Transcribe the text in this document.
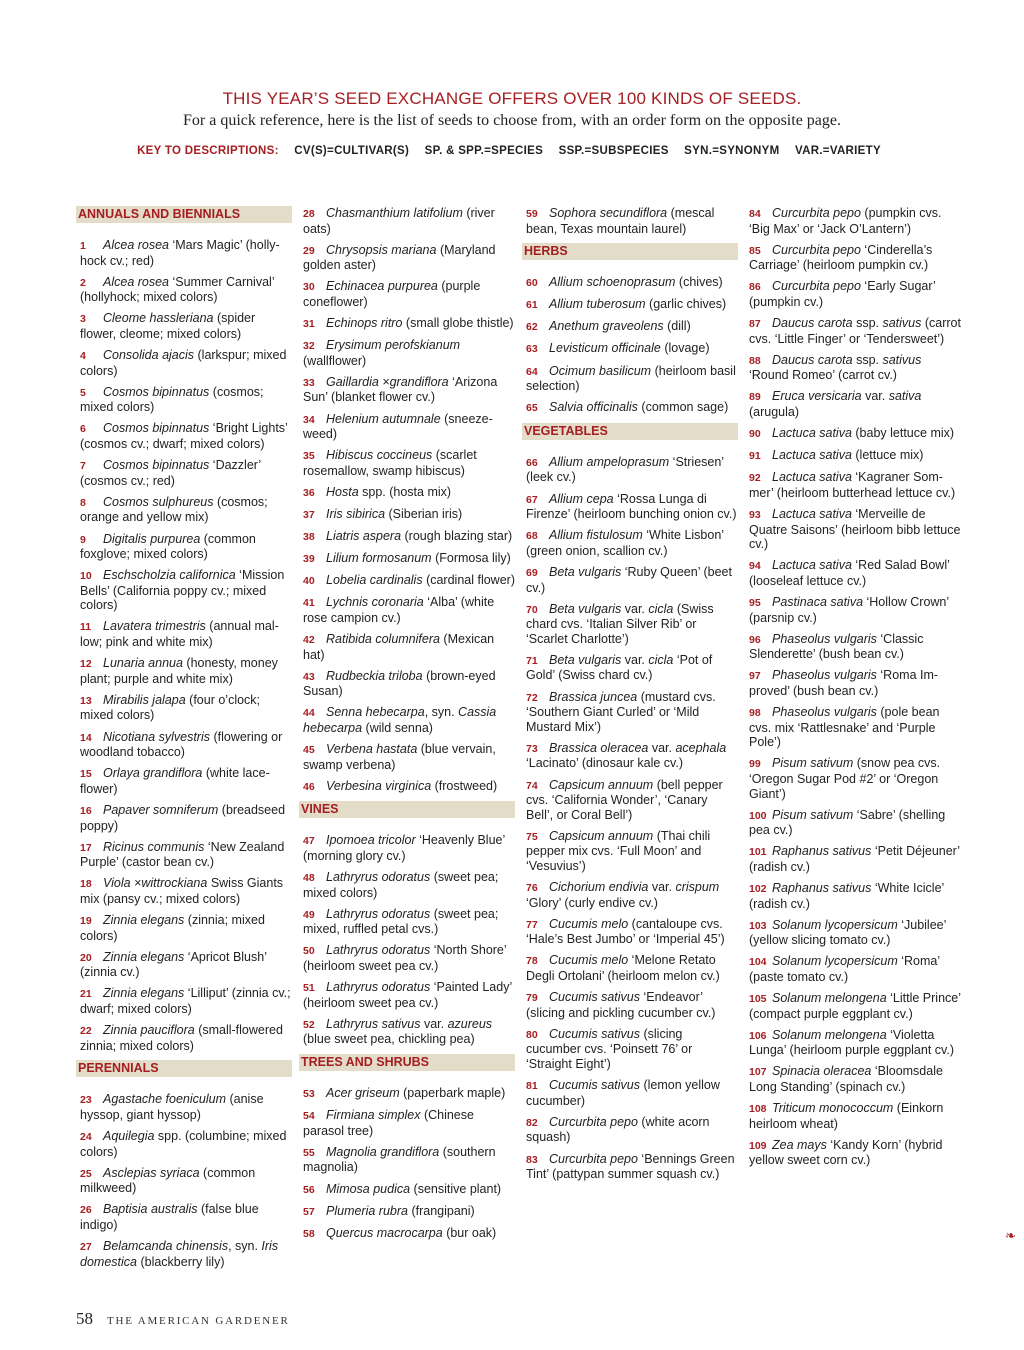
THIS YEAR’S SEED EXCHANGE OFFERS OVER 100 KINDS OF SEEDS.
For a quick reference, here is the list of seeds to choose from, with an order form on the opposite page.
KEY TO DESCRIPTIONS: CV(S)=CULTIVAR(S) SP. & SPP.=SPECIES SSP.=SUBSPECIES SYN.=SYNONYM VAR.=VARIETY
ANNUALS AND BIENNIALS
1 Alcea rosea ‘Mars Magic’ (hollyhock cv.; red)
2 Alcea rosea ‘Summer Carnival’ (hollyhock; mixed colors)
3 Cleome hassleriana (spider flower, cleome; mixed colors)
4 Consolida ajacis (larkspur; mixed colors)
5 Cosmos bipinnatus (cosmos; mixed colors)
6 Cosmos bipinnatus ‘Bright Lights’ (cosmos cv.; dwarf; mixed colors)
7 Cosmos bipinnatus ‘Dazzler’ (cosmos cv.; red)
8 Cosmos sulphureus (cosmos; orange and yellow mix)
9 Digitalis purpurea (common foxglove; mixed colors)
10 Eschscholzia californica ‘Mission Bells’ (California poppy cv.; mixed colors)
11 Lavatera trimestris (annual mallow; pink and white mix)
12 Lunaria annua (honesty, money plant; purple and white mix)
13 Mirabilis jalapa (four o’clock; mixed colors)
14 Nicotiana sylvestris (flowering or woodland tobacco)
15 Orlaya grandiflora (white laceflower)
16 Papaver somniferum (breadseed poppy)
17 Ricinus communis ‘New Zealand Purple’ (castor bean cv.)
18 Viola ×wittrockiana Swiss Giants mix (pansy cv.; mixed colors)
19 Zinnia elegans (zinnia; mixed colors)
20 Zinnia elegans ‘Apricot Blush’ (zinnia cv.)
21 Zinnia elegans ‘Lilliput’ (zinnia cv.; dwarf; mixed colors)
22 Zinnia pauciflora (small-flowered zinnia; mixed colors)
PERENNIALS
23 Agastache foeniculum (anise hyssop, giant hyssop)
24 Aquilegia spp. (columbine; mixed colors)
25 Asclepias syriaca (common milkweed)
26 Baptisia australis (false blue indigo)
27 Belamcanda chinensis, syn. Iris domestica (blackberry lily)
28 Chasmanthium latifolium (river oats)
29 Chrysopsis mariana (Maryland golden aster)
30 Echinacea purpurea (purple coneflower)
31 Echinops ritro (small globe thistle)
32 Erysimum perofskianum (wallflower)
33 Gaillardia ×grandiflora ‘Arizona Sun’ (blanket flower cv.)
34 Helenium autumnale (sneezeweed)
35 Hibiscus coccineus (scarlet rosemallow, swamp hibiscus)
36 Hosta spp. (hosta mix)
37 Iris sibirica (Siberian iris)
38 Liatris aspera (rough blazing star)
39 Lilium formosanum (Formosa lily)
40 Lobelia cardinalis (cardinal flower)
41 Lychnis coronaria ‘Alba’ (white rose campion cv.)
42 Ratibida columnifera (Mexican hat)
43 Rudbeckia triloba (brown-eyed Susan)
44 Senna hebecarpa, syn. Cassia hebecarpa (wild senna)
45 Verbena hastata (blue vervain, swamp verbena)
46 Verbesina virginica (frostweed)
VINES
47 Ipomoea tricolor ‘Heavenly Blue’ (morning glory cv.)
48 Lathryrus odoratus (sweet pea; mixed colors)
49 Lathryrus odoratus (sweet pea; mixed, ruffled petal cvs.)
50 Lathryrus odoratus ‘North Shore’ (heirloom sweet pea cv.)
51 Lathryrus odoratus ‘Painted Lady’ (heirloom sweet pea cv.)
52 Lathryrus sativus var. azureus (blue sweet pea, chickling pea)
TREES AND SHRUBS
53 Acer griseum (paperbark maple)
54 Firmiana simplex (Chinese parasol tree)
55 Magnolia grandiflora (southern magnolia)
56 Mimosa pudica (sensitive plant)
57 Plumeria rubra (frangipani)
58 Quercus macrocarpa (bur oak)
59 Sophora secundiflora (mescal bean, Texas mountain laurel)
HERBS
60 Allium schoenoprasum (chives)
61 Allium tuberosum (garlic chives)
62 Anethum graveolens (dill)
63 Levisticum officinale (lovage)
64 Ocimum basilicum (heirloom basil selection)
65 Salvia officinalis (common sage)
VEGETABLES
66 Allium ampeloprasum ‘Striesen’ (leek cv.)
67 Allium cepa ‘Rossa Lunga di Firenze’ (heirloom bunching onion cv.)
68 Allium fistulosum ‘White Lisbon’ (green onion, scallion cv.)
69 Beta vulgaris ‘Ruby Queen’ (beet cv.)
70 Beta vulgaris var. cicla (Swiss chard cvs. ‘Italian Silver Rib’ or ‘Scarlet Charlotte’)
71 Beta vulgaris var. cicla ‘Pot of Gold’ (Swiss chard cv.)
72 Brassica juncea (mustard cvs. ‘Southern Giant Curled’ or ‘Mild Mustard Mix’)
73 Brassica oleracea var. acephala ‘Lacinato’ (dinosaur kale cv.)
74 Capsicum annuum (bell pepper cvs. ‘California Wonder’, ‘Canary Bell’, or Coral Bell’)
75 Capsicum annuum (Thai chili pepper mix cvs. ‘Full Moon’ and ‘Vesuvius’)
76 Cichorium endivia var. crispum ‘Glory’ (curly endive cv.)
77 Cucumis melo (cantaloupe cvs. ‘Hale’s Best Jumbo’ or ‘Imperial 45’)
78 Cucumis melo ‘Melone Retato Degli Ortolani’ (heirloom melon cv.)
79 Cucumis sativus ‘Endeavor’ (slicing and pickling cucumber cv.)
80 Cucumis sativus (slicing cucumber cvs. ‘Poinsett 76’ or ‘Straight Eight’)
81 Cucumis sativus (lemon yellow cucumber)
82 Curcurbita pepo (white acorn squash)
83 Curcurbita pepo ‘Bennings Green Tint’ (pattypan summer squash cv.)
84 Curcurbita pepo (pumpkin cvs. ‘Big Max’ or ‘Jack O’Lantern’)
85 Curcurbita pepo ‘Cinderella’s Carriage’ (heirloom pumpkin cv.)
86 Curcurbita pepo ‘Early Sugar’ (pumpkin cv.)
87 Daucus carota ssp. sativus (carrot cvs. ‘Little Finger’ or ‘Tendersweet’)
88 Daucus carota ssp. sativus ‘Round Romeo’ (carrot cv.)
89 Eruca versicaria var. sativa (arugula)
90 Lactuca sativa (baby lettuce mix)
91 Lactuca sativa (lettuce mix)
92 Lactuca sativa ‘Kagraner Sommer’ (heirloom butterhead lettuce cv.)
93 Lactuca sativa ‘Merveille de Quatre Saisons’ (heirloom bibb lettuce cv.)
94 Lactuca sativa ‘Red Salad Bowl’ (looseleaf lettuce cv.)
95 Pastinaca sativa ‘Hollow Crown’ (parsnip cv.)
96 Phaseolus vulgaris ‘Classic Slenderette’ (bush bean cv.)
97 Phaseolus vulgaris ‘Roma Improved’ (bush bean cv.)
98 Phaseolus vulgaris (pole bean cvs. mix ‘Rattlesnake’ and ‘Purple Pole’)
99 Pisum sativum (snow pea cvs. ‘Oregon Sugar Pod #2’ or ‘Oregon Giant’)
100 Pisum sativum ‘Sabre’ (shelling pea cv.)
101 Raphanus sativus ‘Petit Déjeuner’ (radish cv.)
102 Raphanus sativus ‘White Icicle’ (radish cv.)
103 Solanum lycopersicum ‘Jubilee’ (yellow slicing tomato cv.)
104 Solanum lycopersicum ‘Roma’ (paste tomato cv.)
105 Solanum melongena ‘Little Prince’ (compact purple eggplant cv.)
106 Solanum melongena ‘Violetta Lunga’ (heirloom purple eggplant cv.)
107 Spinacia oleracea ‘Bloomsdale Long Standing’ (spinach cv.)
108 Triticum monococcum (Einkorn heirloom wheat)
109 Zea mays ‘Kandy Korn’ (hybrid yellow sweet corn cv.)
❧
58 THE AMERICAN GARDENER
